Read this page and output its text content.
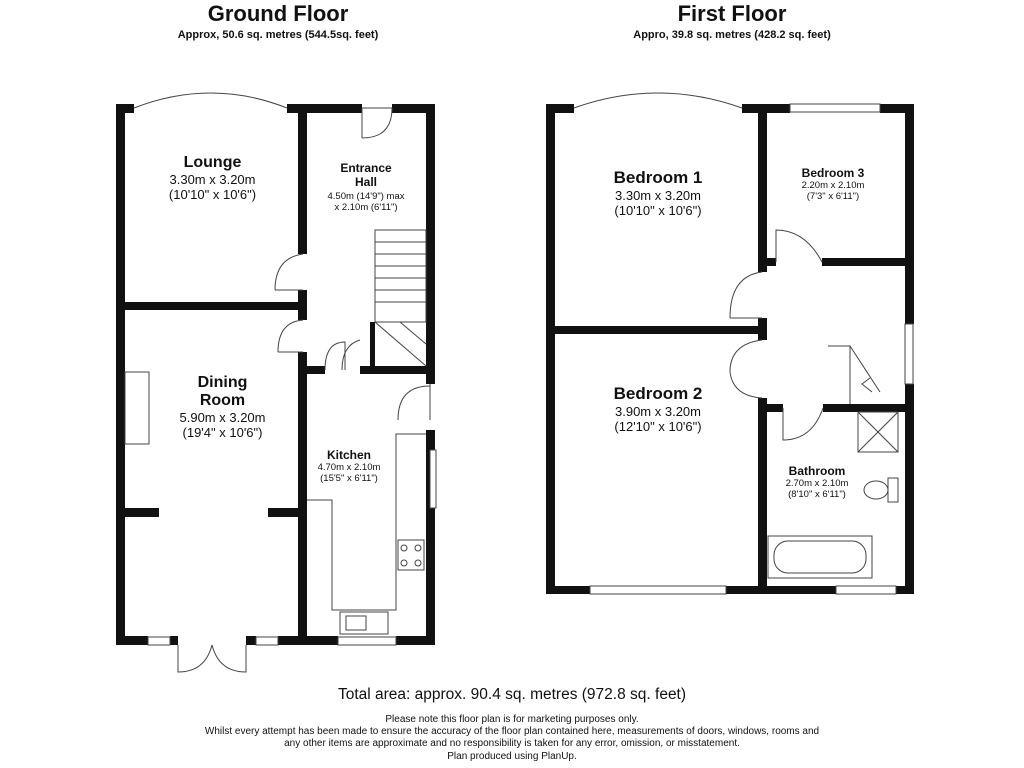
Ground Floor
Approx, 50.6 sq. metres (544.5sq. feet)
First Floor
Appro, 39.8 sq. metres (428.2 sq. feet)
Lounge
3.30m x 3.20m
(10'10" x 10'6")
Entrance
Hall
4.50m (14'9") max
x 2.10m (6'11")
Dining
Room
5.90m x 3.20m
(19'4" x 10'6")
Kitchen
4.70m x 2.10m
(15'5" x 6'11")
Bedroom 1
3.30m x 3.20m
(10'10" x 10'6")
Bedroom 3
2.20m x 2.10m
(7'3" x 6'11")
Bedroom 2
3.90m x 3.20m
(12'10" x 10'6")
Bathroom
2.70m x 2.10m
(8'10" x 6'11")
Total area: approx. 90.4 sq. metres (972.8 sq. feet)
Please note this floor plan is for marketing purposes only.
Whilst every attempt has been made to ensure the accuracy of the floor plan contained here, measurements of doors, windows, rooms and
any other items are approximate and no responsibility is taken for any error, omission, or misstatement.
Plan produced using PlanUp.
